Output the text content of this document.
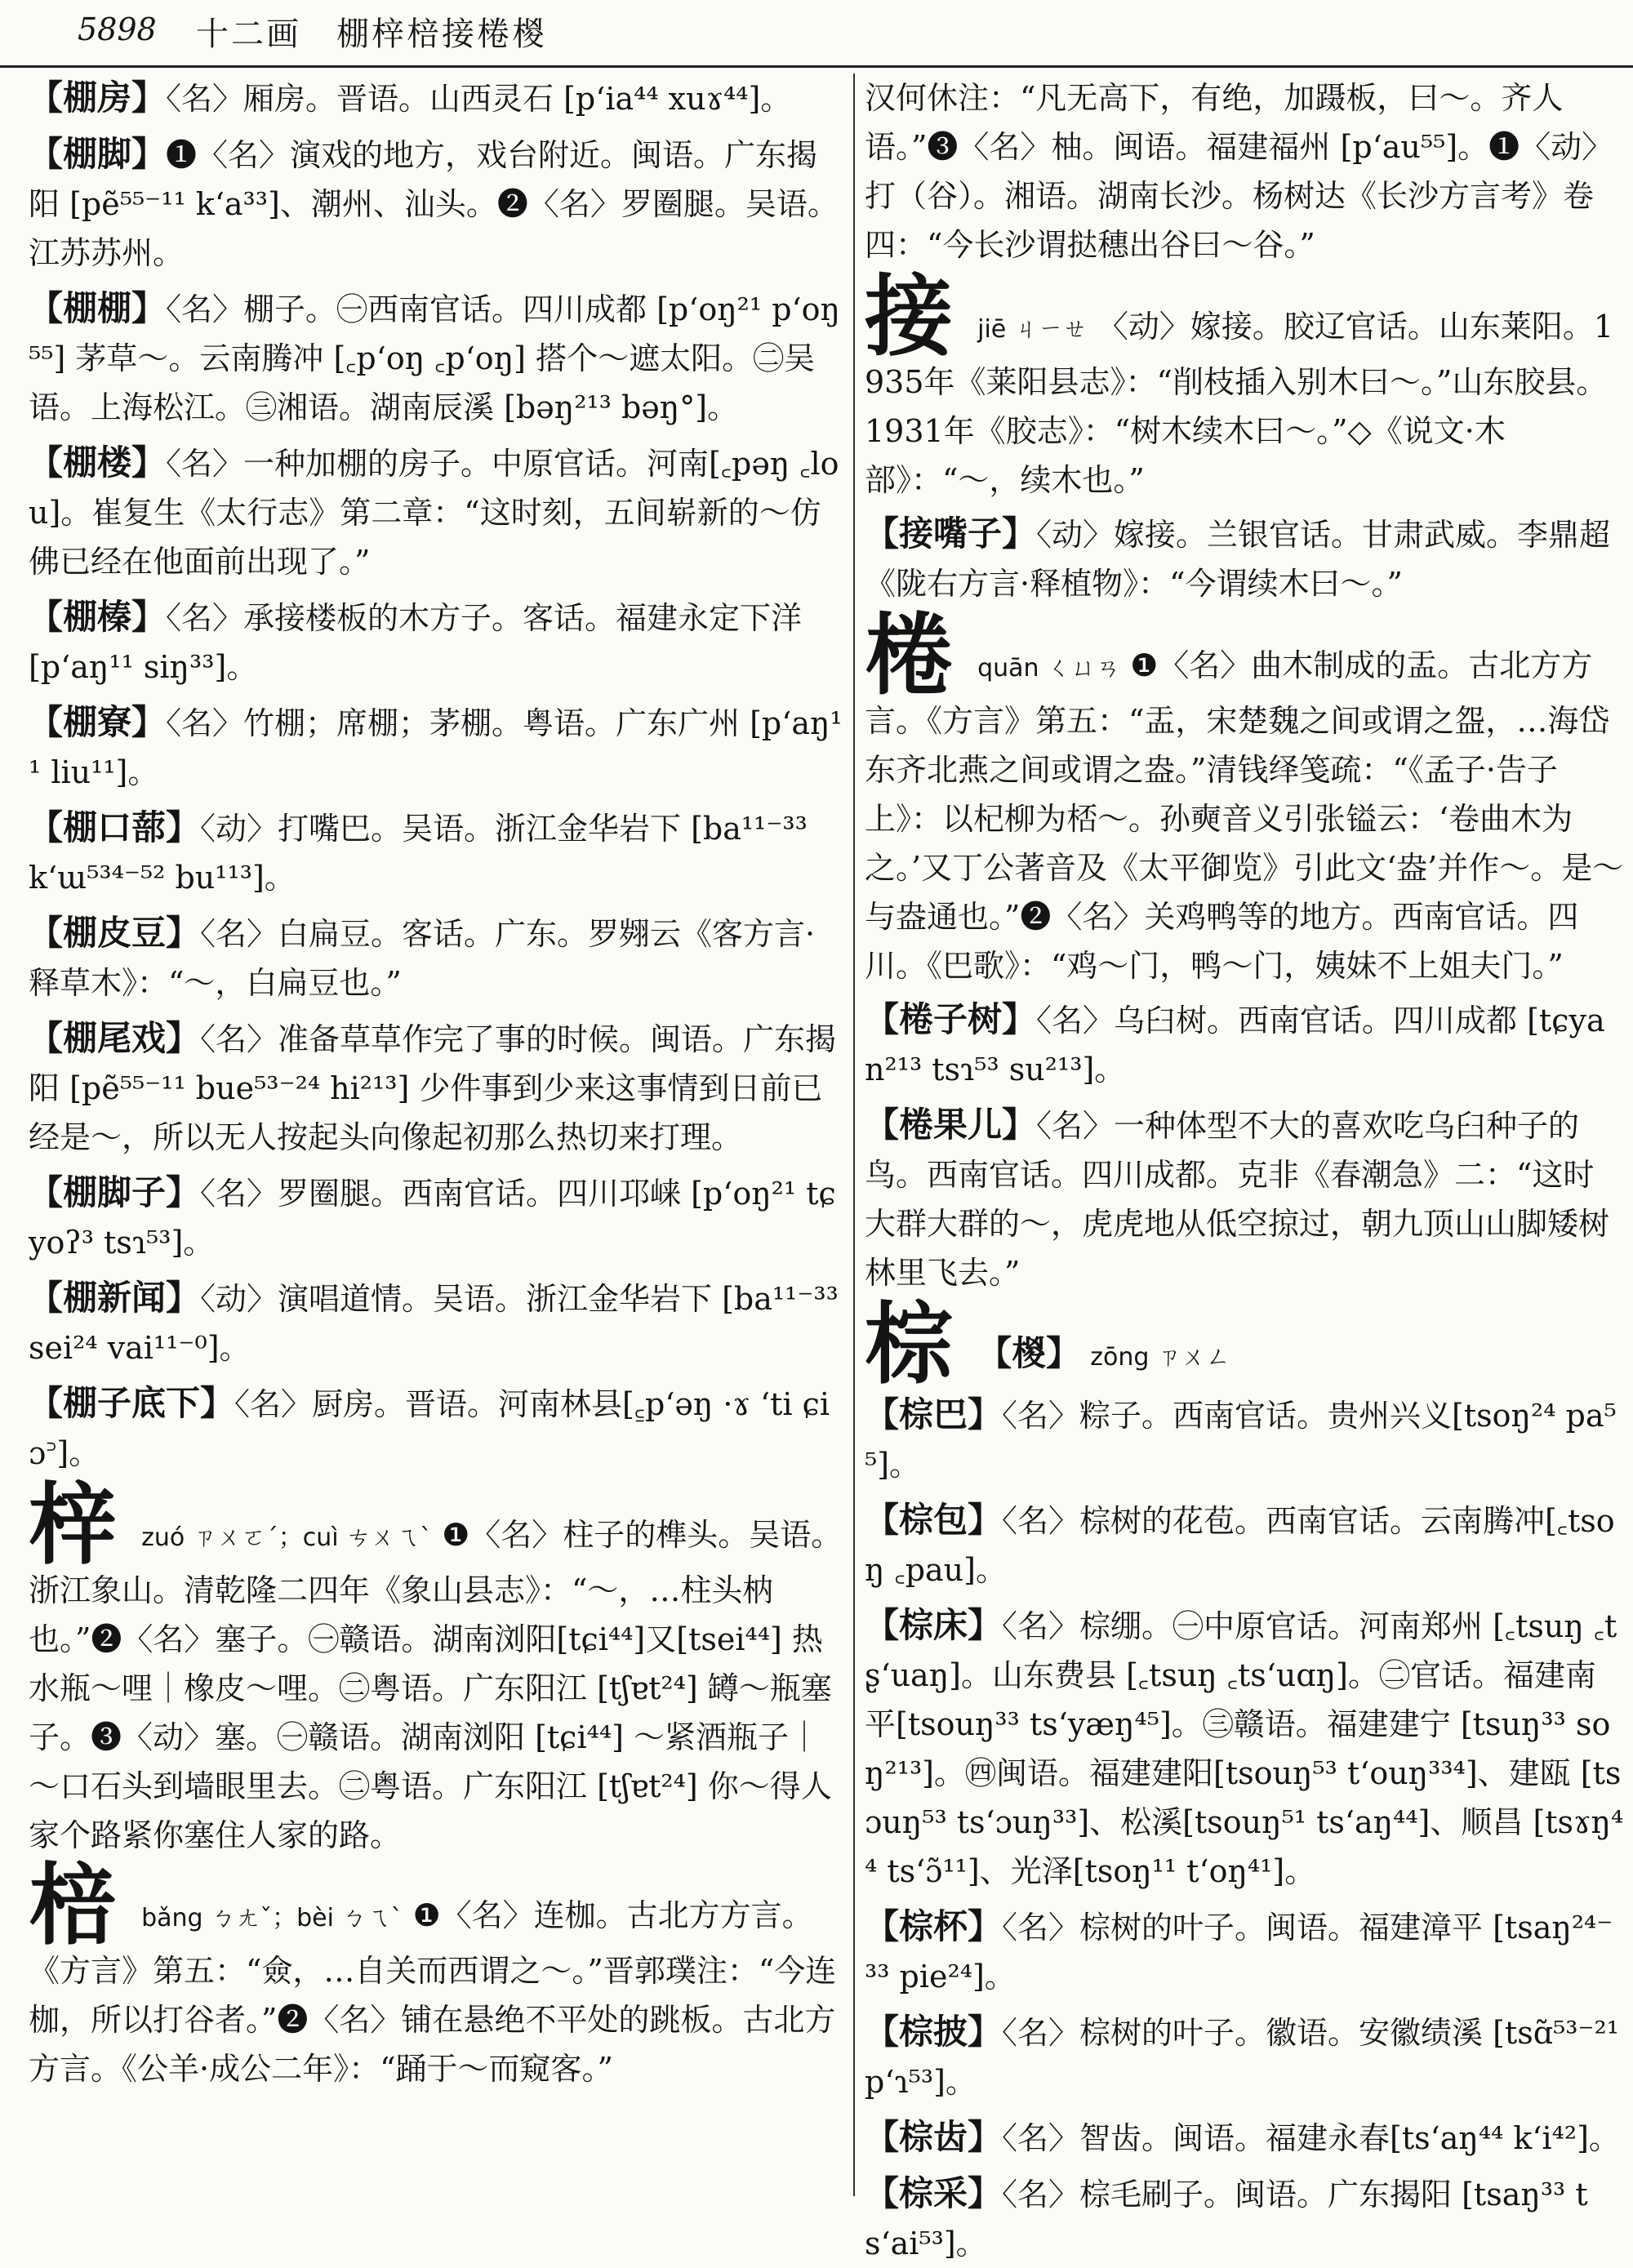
5898 十二画　棚梓棓接棬椶

【棚房】〈名〉厢房。晋语。山西灵石 [p‘ia⁴⁴ xuɤ⁴⁴]。

【棚脚】❶〈名〉演戏的地方，戏台附近。闽语。广东揭阳 [pẽ⁵⁵⁻¹¹ k‘a³³]、潮州、汕头。❷〈名〉罗圈腿。吴语。江苏苏州。

【棚棚】〈名〉棚子。㊀西南官话。四川成都 [p‘oŋ²¹ p‘oŋ⁵⁵] 茅草～。云南腾冲 [꜀p‘oŋ ꜀p‘oŋ] 搭个～遮太阳。㊁吴语。上海松江。㊂湘语。湖南辰溪 [bəŋ²¹³ bəŋ°]。

【棚楼】〈名〉一种加棚的房子。中原官话。河南[꜀pəŋ ꜀lou]。崔复生《太行志》第二章：“这时刻，五间崭新的～仿佛已经在他面前出现了。”

【棚榛】〈名〉承接楼板的木方子。客话。福建永定下洋 [p‘aŋ¹¹ siŋ³³]。

【棚寮】〈名〉竹棚；席棚；茅棚。粤语。广东广州 [p‘aŋ¹¹ liu¹¹]。

【棚口蔀】〈动〉打嘴巴。吴语。浙江金华岩下 [ba¹¹⁻³³ k‘ɯ⁵³⁴⁻⁵² bu¹¹³]。

【棚皮豆】〈名〉白扁豆。客话。广东。罗翙云《客方言·释草木》：“～，白扁豆也。”

【棚尾戏】〈名〉准备草草作完了事的时候。闽语。广东揭阳 [pẽ⁵⁵⁻¹¹ bue⁵³⁻²⁴ hi²¹³] 少件事到少来这事情到日前已经是～，所以无人按起头向像起初那么热切来打理。

【棚脚子】〈名〉罗圈腿。西南官话。四川邛崃 [p‘oŋ²¹ tɕyoʔ³ tsɿ⁵³]。

【棚新闻】〈动〉演唱道情。吴语。浙江金华岩下 [ba¹¹⁻³³ sei²⁴ vai¹¹⁻⁰]。

【棚子底下】〈名〉厨房。晋语。河南林县[꜁p‘əŋ ·ɤ ‘ti ɕiɔ꜄]。

梓 zuó ㄗㄨㄛˊ；cuì ㄘㄨㄟˋ ❶〈名〉柱子的榫头。吴语。浙江象山。清乾隆二四年《象山县志》：“～，…柱头枘也。”❷〈名〉塞子。㊀赣语。湖南浏阳[tɕi⁴⁴]又[tsei⁴⁴] 热水瓶～哩｜橡皮～哩。㊁粤语。广东阳江 [tʃɐt²⁴] 罇～瓶塞子。❸〈动〉塞。㊀赣语。湖南浏阳 [tɕi⁴⁴] ～紧酒瓶子｜～口石头到墙眼里去。㊁粤语。广东阳江 [tʃɐt²⁴] 你～得人家个路紧你塞住人家的路。
棓 bǎng ㄅㄤˇ；bèi ㄅㄟˋ ❶〈名〉连枷。古北方方言。《方言》第五：“僉，…自关而西谓之～。”晋郭璞注：“今连枷，所以打谷者。”❷〈名〉铺在悬绝不平处的跳板。古北方方言。《公羊·成公二年》：“踊于～而窥客。”

汉何休注：“凡无高下，有绝，加蹑板，曰～。齐人语。”❸〈名〉柚。闽语。福建福州 [p‘au⁵⁵]。❶〈动〉打（谷）。湘语。湖南长沙。杨树达《长沙方言考》卷四：“今长沙谓挞穗出谷曰～谷。”

接 jiē ㄐㄧㄝ 〈动〉嫁接。胶辽官话。山东莱阳。1935年《莱阳县志》：“削枝插入别木曰～。”山东胶县。1931年《胶志》：“树木续木曰～。”◇《说文·木部》：“～，续木也。”

【接嘴子】〈动〉嫁接。兰银官话。甘肃武威。李鼎超《陇右方言·释植物》：“今谓续木曰～。”

棬 quān ㄑㄩㄢ ❶〈名〉曲木制成的盂。古北方方言。《方言》第五：“盂，宋楚魏之间或谓之盌，…海岱东齐北燕之间或谓之盎。”清钱绎笺疏：“《孟子·告子上》：以杞柳为桮～。孙奭音义引张镒云：‘卷曲木为之。’又丁公著音及《太平御览》引此文‘盎’并作～。是～与盎通也。”❷〈名〉关鸡鸭等的地方。西南官话。四川。《巴歌》：“鸡～门，鸭～门，姨妹不上姐夫门。”

【棬子树】〈名〉乌臼树。西南官话。四川成都 [tɕyan²¹³ tsɿ⁵³ su²¹³]。

【棬果儿】〈名〉一种体型不大的喜欢吃乌臼种子的鸟。西南官话。四川成都。克非《春潮急》二：“这时大群大群的～，虎虎地从低空掠过，朝九顶山山脚矮树林里飞去。”

棕 【椶】 zōng ㄗㄨㄥ

【棕巴】〈名〉粽子。西南官话。贵州兴义[tsoŋ²⁴ pa⁵⁵]。

【棕包】〈名〉棕树的花苞。西南官话。云南腾冲[꜀tsoŋ ꜀pau]。

【棕床】〈名〉棕绷。㊀中原官话。河南郑州 [꜀tsuŋ ꜀tʂ‘uaŋ]。山东费县 [꜀tsuŋ ꜀ts‘uɑŋ]。㊁官话。福建南平[tsouŋ³³ ts‘yæŋ⁴⁵]。㊂赣语。福建建宁 [tsuŋ³³ soŋ²¹³]。㊃闽语。福建建阳[tsouŋ⁵³ t‘ouŋ³³⁴]、建瓯 [tsɔuŋ⁵³ ts‘ɔuŋ³³]、松溪[tsouŋ⁵¹ ts‘aŋ⁴⁴]、顺昌 [tsɤŋ⁴⁴ ts‘ɔ̃¹¹]、光泽[tsoŋ¹¹ t‘oŋ⁴¹]。

【棕杯】〈名〉棕树的叶子。闽语。福建漳平 [tsaŋ²⁴⁻³³ pie²⁴]。

【棕披】〈名〉棕树的叶子。徽语。安徽绩溪 [tsɑ̃⁵³⁻²¹ p‘ɿ⁵³]。

【棕齿】〈名〉智齿。闽语。福建永春[ts‘aŋ⁴⁴ k‘i⁴²]。

【棕采】〈名〉棕毛刷子。闽语。广东揭阳 [tsaŋ³³ ts‘ai⁵³]。
